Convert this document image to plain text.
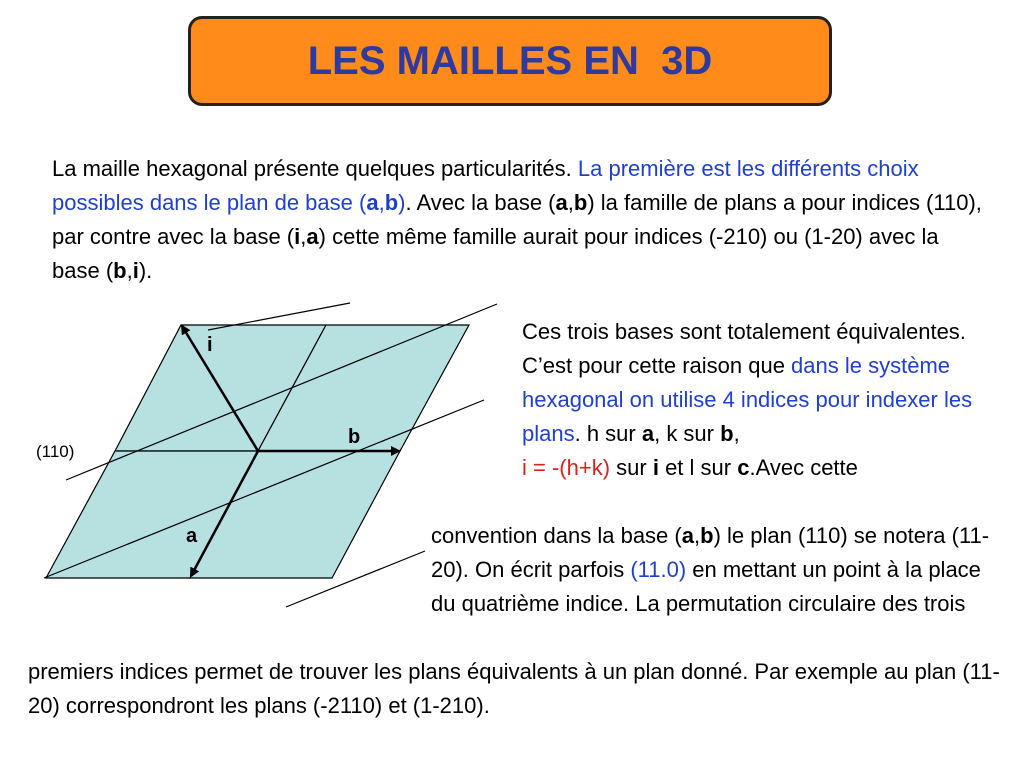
LES MAILLES EN  3D

La maille hexagonal présente quelques particularités. La première est les différents choix possibles dans le plan de base (a,b). Avec la base (a,b) la famille de plans a pour indices (110), par contre avec la base (i,a) cette même famille aurait pour indices (-210) ou (1-20) avec la base (b,i).

Ces trois bases sont totalement équivalentes. C’est pour cette raison que dans le système hexagonal on utilise 4 indices pour indexer les plans. h sur a, k sur b,
i = -(h+k) sur i et l sur c.Avec cette

convention dans la base (a,b) le plan (110) se notera (11-20). On écrit parfois (11.0) en mettant un point à la place du quatrième indice. La permutation circulaire des trois

premiers indices permet de trouver les plans équivalents à un plan donné. Par exemple au plan (11-20) correspondront les plans (-2110) et (1-210).

i
b
a
(110)
